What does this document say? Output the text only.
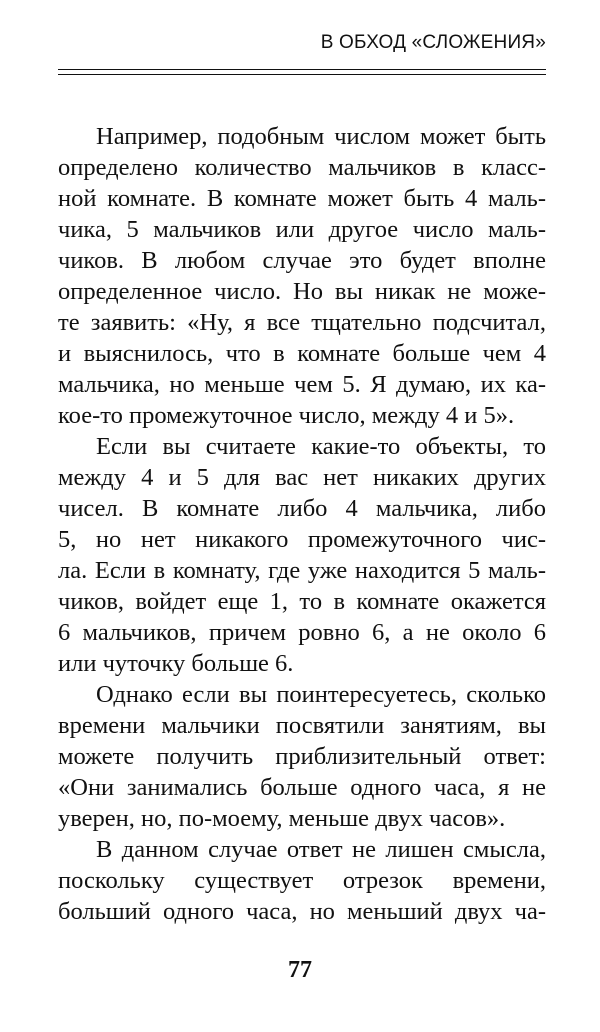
В ОБХОД «СЛОЖЕНИЯ»
Например, подобным числом может быть
определено количество мальчиков в класс-
ной комнате. В комнате может быть 4 маль-
чика, 5 мальчиков или другое число маль-
чиков. В любом случае это будет вполне
определенное число. Но вы никак не може-
те заявить: «Ну, я все тщательно подсчитал,
и выяснилось, что в комнате больше чем 4
мальчика, но меньше чем 5. Я думаю, их ка-
кое-то промежуточное число, между 4 и 5».
Если вы считаете какие-то объекты, то
между 4 и 5 для вас нет никаких других
чисел. В комнате либо 4 мальчика, либо
5, но нет никакого промежуточного чис-
ла. Если в комнату, где уже находится 5 маль-
чиков, войдет еще 1, то в комнате окажется
6 мальчиков, причем ровно 6, а не около 6
или чуточку больше 6.
Однако если вы поинтересуетесь, сколько
времени мальчики посвятили занятиям, вы
можете получить приблизительный ответ:
«Они занимались больше одного часа, я не
уверен, но, по-моему, меньше двух часов».
В данном случае ответ не лишен смысла,
поскольку существует отрезок времени,
больший одного часа, но меньший двух ча-
77
